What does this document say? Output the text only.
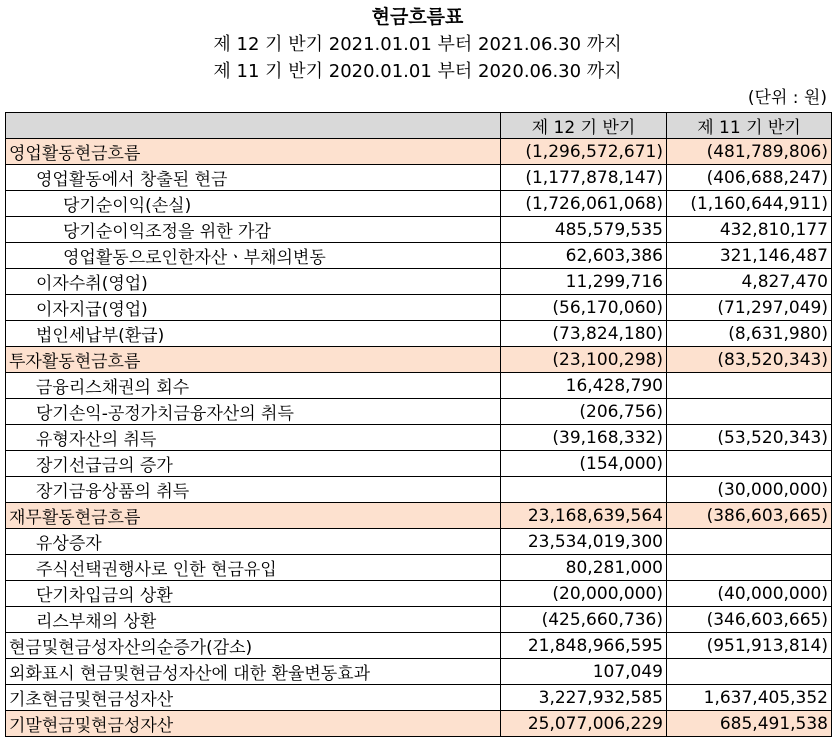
현금흐름표
제 12 기 반기 2021.01.01 부터 2021.06.30 까지
제 11 기 반기 2020.01.01 부터 2020.06.30 까지
(단위 : 원)
	제 12 기 반기	제 11 기 반기
영업활동현금흐름	(1,296,572,671)	(481,789,806)
영업활동에서 창출된 현금	(1,177,878,147)	(406,688,247)
당기순이익(손실)	(1,726,061,068)	(1,160,644,911)
당기순이익조정을 위한 가감	485,579,535	432,810,177
영업활동으로인한자산ㆍ부채의변동	62,603,386	321,146,487
이자수취(영업)	11,299,716	4,827,470
이자지급(영업)	(56,170,060)	(71,297,049)
법인세납부(환급)	(73,824,180)	(8,631,980)
투자활동현금흐름	(23,100,298)	(83,520,343)
금융리스채권의 회수	16,428,790	
당기손익-공정가치금융자산의 취득	(206,756)	
유형자산의 취득	(39,168,332)	(53,520,343)
장기선급금의 증가	(154,000)	
장기금융상품의 취득		(30,000,000)
재무활동현금흐름	23,168,639,564	(386,603,665)
유상증자	23,534,019,300	
주식선택권행사로 인한 현금유입	80,281,000	
단기차입금의 상환	(20,000,000)	(40,000,000)
리스부채의 상환	(425,660,736)	(346,603,665)
현금및현금성자산의순증가(감소)	21,848,966,595	(951,913,814)
외화표시 현금및현금성자산에 대한 환율변동효과	107,049	
기초현금및현금성자산	3,227,932,585	1,637,405,352
기말현금및현금성자산	25,077,006,229	685,491,538
